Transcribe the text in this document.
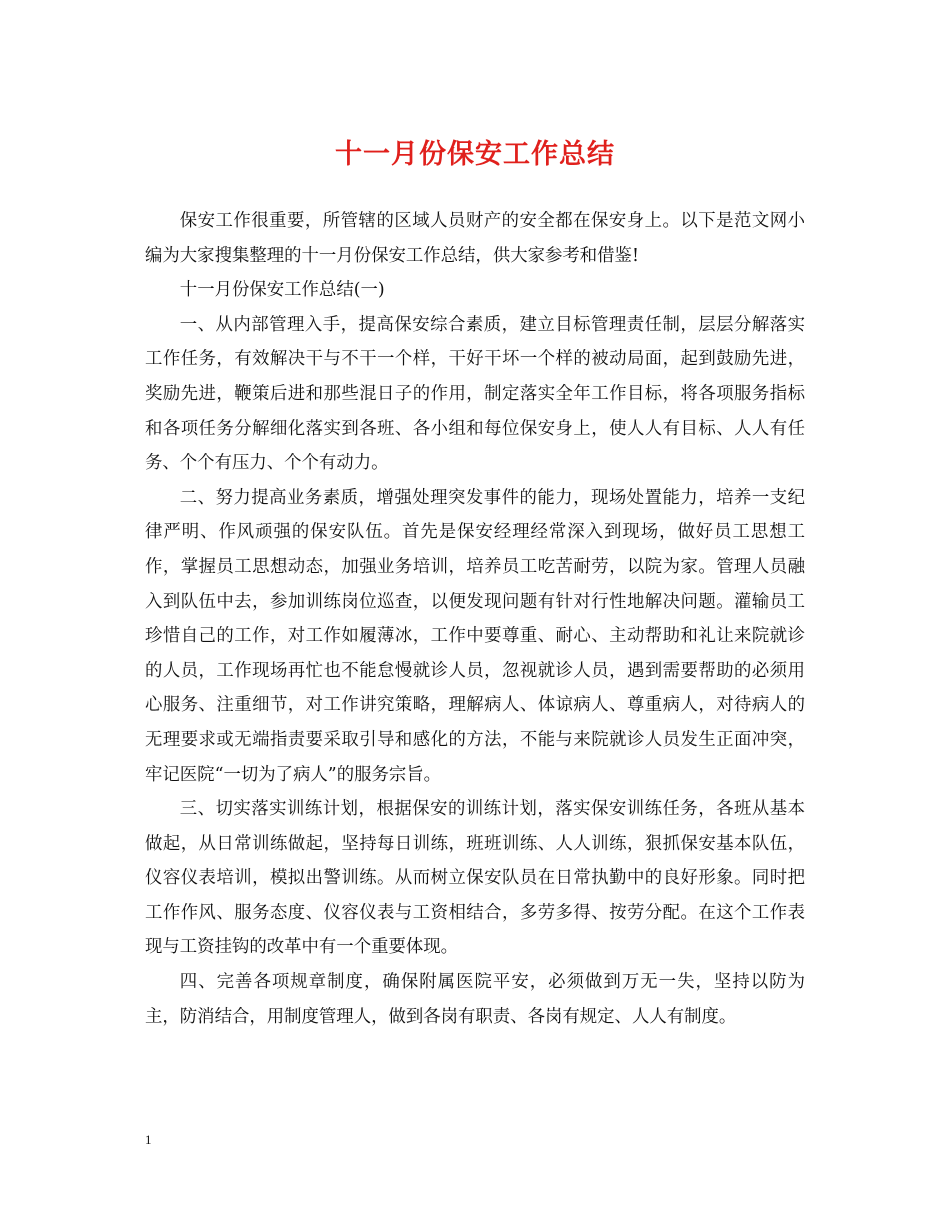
十一月份保安工作总结

保安工作很重要，所管辖的区域人员财产的安全都在保安身上。以下是范文网小编为大家搜集整理的十一月份保安工作总结，供大家参考和借鉴!

十一月份保安工作总结(一)

一、从内部管理入手，提高保安综合素质，建立目标管理责任制，层层分解落实工作任务，有效解决干与不干一个样，干好干坏一个样的被动局面，起到鼓励先进，奖励先进，鞭策后进和那些混日子的作用，制定落实全年工作目标，将各项服务指标和各项任务分解细化落实到各班、各小组和每位保安身上，使人人有目标、人人有任务、个个有压力、个个有动力。

二、努力提高业务素质，增强处理突发事件的能力，现场处置能力，培养一支纪律严明、作风顽强的保安队伍。首先是保安经理经常深入到现场，做好员工思想工作，掌握员工思想动态，加强业务培训，培养员工吃苦耐劳，以院为家。管理人员融入到队伍中去，参加训练岗位巡查，以便发现问题有针对行性地解决问题。灌输员工珍惜自己的工作，对工作如履薄冰，工作中要尊重、耐心、主动帮助和礼让来院就诊的人员，工作现场再忙也不能怠慢就诊人员，忽视就诊人员，遇到需要帮助的必须用心服务、注重细节，对工作讲究策略，理解病人、体谅病人、尊重病人，对待病人的无理要求或无端指责要采取引导和感化的方法，不能与来院就诊人员发生正面冲突，牢记医院“一切为了病人”的服务宗旨。

三、切实落实训练计划，根据保安的训练计划，落实保安训练任务，各班从基本做起，从日常训练做起，坚持每日训练，班班训练、人人训练，狠抓保安基本队伍，仪容仪表培训，模拟出警训练。从而树立保安队员在日常执勤中的良好形象。同时把工作作风、服务态度、仪容仪表与工资相结合，多劳多得、按劳分配。在这个工作表现与工资挂钩的改革中有一个重要体现。

四、完善各项规章制度，确保附属医院平安，必须做到万无一失，坚持以防为主，防消结合，用制度管理人，做到各岗有职责、各岗有规定、人人有制度。

1
